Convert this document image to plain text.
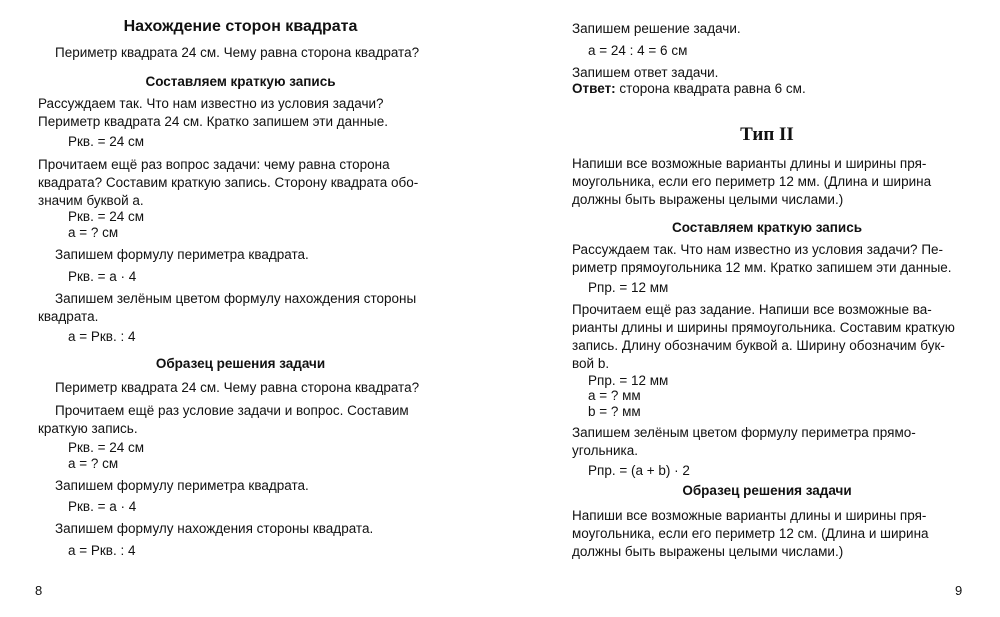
Нахождение сторон квадрата
Периметр квадрата 24 см. Чему равна сторона квадрата?
Составляем краткую запись
Рассуждаем так. Что нам известно из условия задачи?
Периметр квадрата 24 см. Кратко запишем эти данные.
Pкв. = 24 см
Прочитаем ещё раз вопрос задачи: чему равна сторона
квадрата? Составим краткую запись. Сторону квадрата обо-
значим буквой a.
Pкв. = 24 см
a = ? см
Запишем формулу периметра квадрата.
Pкв. = a · 4
Запишем зелёным цветом формулу нахождения стороны
квадрата.
a = Pкв. : 4
Образец решения задачи
Периметр квадрата 24 см. Чему равна сторона квадрата?
Прочитаем ещё раз условие задачи и вопрос. Составим
краткую запись.
Pкв. = 24 см
a = ? см
Запишем формулу периметра квадрата.
Pкв. = a · 4
Запишем формулу нахождения стороны квадрата.
a = Pкв. : 4
8
Запишем решение задачи.
a = 24 : 4 = 6 см
Запишем ответ задачи.
Ответ: сторона квадрата равна 6 см.
Тип II
Напиши все возможные варианты длины и ширины пря-
моугольника, если его периметр 12 мм. (Длина и ширина
должны быть выражены целыми числами.)
Составляем краткую запись
Рассуждаем так. Что нам известно из условия задачи? Пе-
риметр прямоугольника 12 мм. Кратко запишем эти данные.
Pпр. = 12 мм
Прочитаем ещё раз задание. Напиши все возможные ва-
рианты длины и ширины прямоугольника. Составим краткую
запись. Длину обозначим буквой a. Ширину обозначим бук-
вой b.
Pпр. = 12 мм
a = ? мм
b = ? мм
Запишем зелёным цветом формулу периметра прямо-
угольника.
Pпр. = (a + b) · 2
Образец решения задачи
Напиши все возможные варианты длины и ширины пря-
моугольника, если его периметр 12 см. (Длина и ширина
должны быть выражены целыми числами.)
9
